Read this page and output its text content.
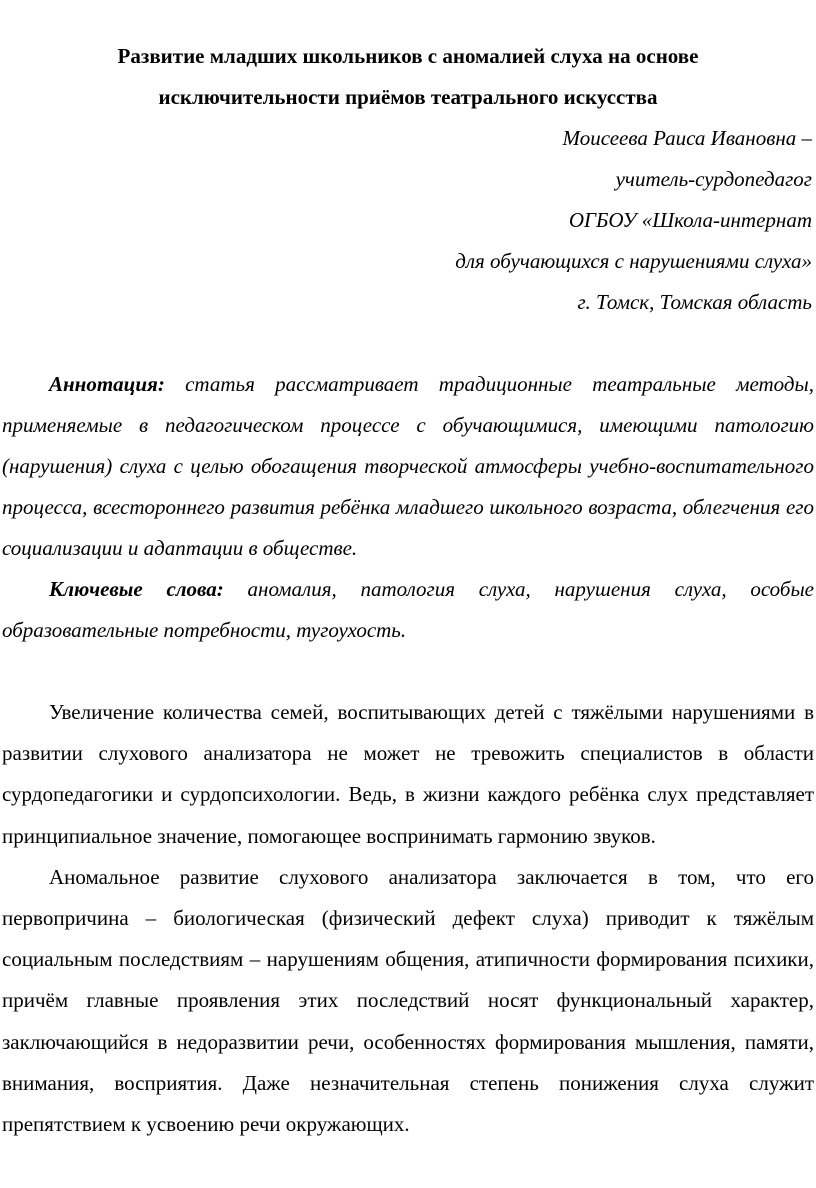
Развитие младших школьников с аномалией слуха на основе
исключительности приёмов театрального искусства
Моисеева Раиса Ивановна –
учитель-сурдопедагог
ОГБОУ «Школа-интернат
для обучающихся с нарушениями слуха»
г. Томск, Томская область

Аннотация: статья рассматривает традиционные театральные методы, применяемые в педагогическом процессе с обучающимися, имеющими патологию (нарушения) слуха с целью обогащения творческой атмосферы учебно-воспитательного процесса, всестороннего развития ребёнка младшего школьного возраста, облегчения его социализации и адаптации в обществе.

Ключевые слова: аномалия, патология слуха, нарушения слуха, особые образовательные потребности, тугоухость.

Увеличение количества семей, воспитывающих детей с тяжёлыми нарушениями в развитии слухового анализатора не может не тревожить специалистов в области сурдопедагогики и сурдопсихологии. Ведь, в жизни каждого ребёнка слух представляет принципиальное значение, помогающее воспринимать гармонию звуков.

Аномальное развитие слухового анализатора заключается в том, что его первопричина – биологическая (физический дефект слуха) приводит к тяжёлым социальным последствиям – нарушениям общения, атипичности формирования психики, причём главные проявления этих последствий носят функциональный характер, заключающийся в недоразвитии речи, особенностях формирования мышления, памяти, внимания, восприятия. Даже незначительная степень понижения слуха служит препятствием к усвоению речи окружающих.
